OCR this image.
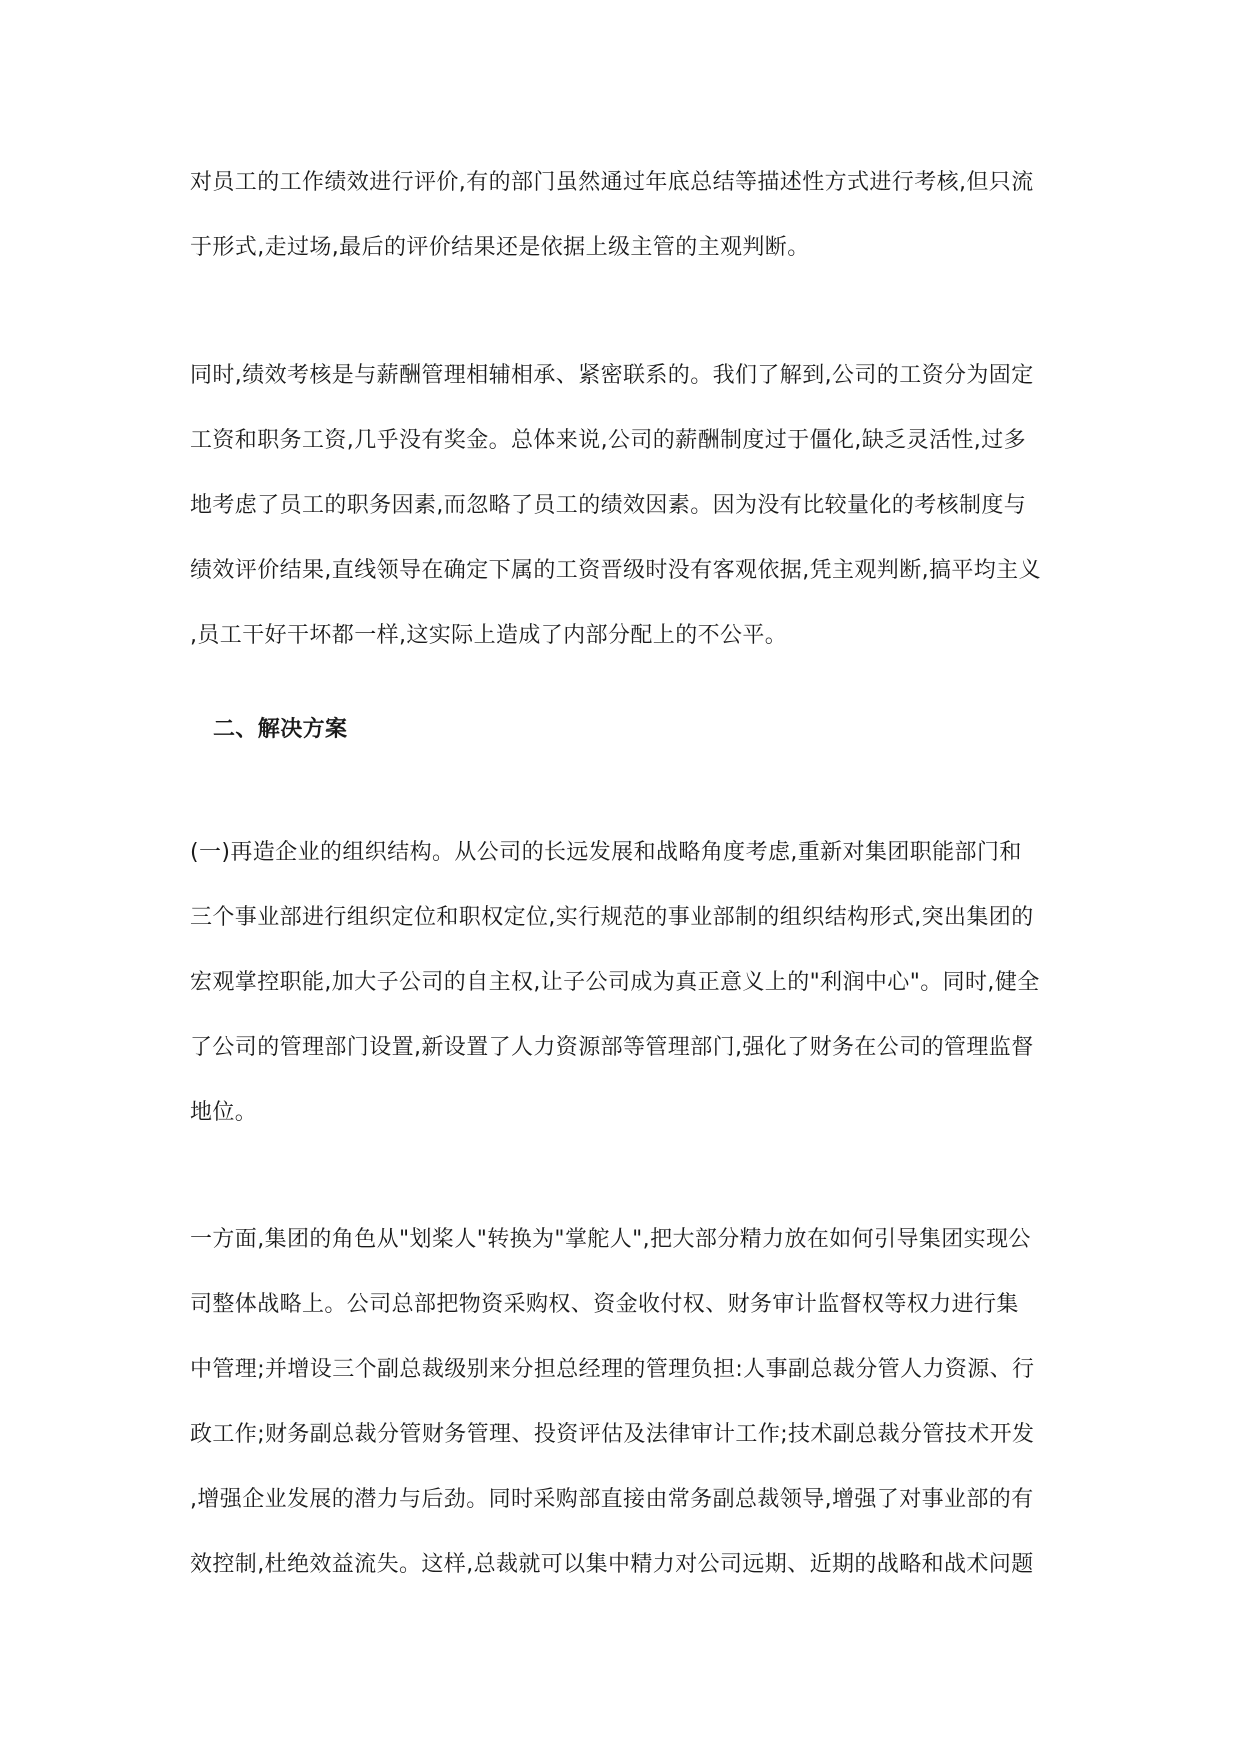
对员工的工作绩效进行评价,有的部门虽然通过年底总结等描述性方式进行考核,但只流
于形式,走过场,最后的评价结果还是依据上级主管的主观判断。
同时,绩效考核是与薪酬管理相辅相承、紧密联系的。我们了解到,公司的工资分为固定
工资和职务工资,几乎没有奖金。总体来说,公司的薪酬制度过于僵化,缺乏灵活性,过多
地考虑了员工的职务因素,而忽略了员工的绩效因素。因为没有比较量化的考核制度与
绩效评价结果,直线领导在确定下属的工资晋级时没有客观依据,凭主观判断,搞平均主义
,员工干好干坏都一样,这实际上造成了内部分配上的不公平。
二、解决方案
(一)再造企业的组织结构。从公司的长远发展和战略角度考虑,重新对集团职能部门和
三个事业部进行组织定位和职权定位,实行规范的事业部制的组织结构形式,突出集团的
宏观掌控职能,加大子公司的自主权,让子公司成为真正意义上的"利润中心"。同时,健全
了公司的管理部门设置,新设置了人力资源部等管理部门,强化了财务在公司的管理监督
地位。
一方面,集团的角色从"划桨人"转换为"掌舵人",把大部分精力放在如何引导集团实现公
司整体战略上。公司总部把物资采购权、资金收付权、财务审计监督权等权力进行集
中管理;并增设三个副总裁级别来分担总经理的管理负担:人事副总裁分管人力资源、行
政工作;财务副总裁分管财务管理、投资评估及法律审计工作;技术副总裁分管技术开发
,增强企业发展的潜力与后劲。同时采购部直接由常务副总裁领导,增强了对事业部的有
效控制,杜绝效益流失。这样,总裁就可以集中精力对公司远期、近期的战略和战术问题
